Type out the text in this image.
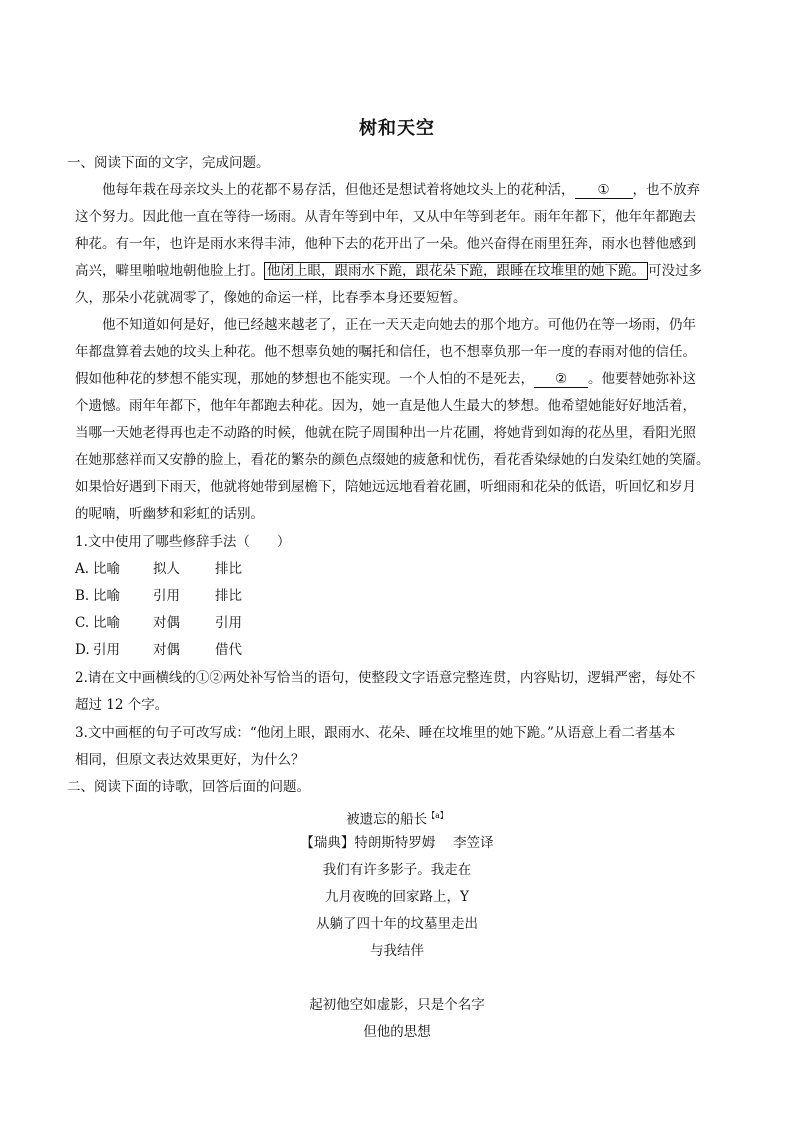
树和天空
一、阅读下面的文字，完成问题。
他每年栽在母亲坟头上的花都不易存活，但他还是想试着将她坟头上的花种活， ① ，也不放弃
这个努力。因此他一直在等待一场雨。从青年等到中年，又从中年等到老年。雨年年都下，他年年都跑去
种花。有一年，也许是雨水来得丰沛，他种下去的花开出了一朵。他兴奋得在雨里狂奔，雨水也替他感到
高兴，噼里啪啦地朝他脸上打。 他闭上眼，跟雨水下跪，跟花朵下跪，跟睡在坟堆里的她下跪。 可没过多
久，那朵小花就凋零了，像她的命运一样，比春季本身还要短暂。
他不知道如何是好，他已经越来越老了，正在一天天走向她去的那个地方。可他仍在等一场雨，仍年
年都盘算着去她的坟头上种花。他不想辜负她的嘱托和信任，也不想辜负那一年一度的春雨对他的信任。
假如他种花的梦想不能实现，那她的梦想也不能实现。一个人怕的不是死去， ② 。他要替她弥补这
个遗憾。雨年年都下，他年年都跑去种花。因为，她一直是他人生最大的梦想。他希望她能好好地活着，
当哪一天她老得再也走不动路的时候，他就在院子周围种出一片花圃，将她背到如海的花丛里，看阳光照
在她那慈祥而又安静的脸上，看花的繁杂的颜色点缀她的疲惫和忧伤，看花香染绿她的白发染红她的笑靥。
如果恰好遇到下雨天，他就将她带到屋檐下，陪她远远地看着花圃，听细雨和花朵的低语，听回忆和岁月
的呢喃，听幽梦和彩虹的话别。
1.文中使用了哪些修辞手法（　　）
A. 比喻 拟人	排比
B. 比喻 引用	排比
C. 比喻 对偶	引用
D. 引用 对偶	借代
2.请在文中画横线的①②两处补写恰当的语句，使整段文字语意完整连贯，内容贴切，逻辑严密，每处不
超过 12 个字。
3.文中画框的句子可改写成：“他闭上眼，跟雨水、花朵、睡在坟堆里的她下跪。”从语意上看二者基本
相同，但原文表达效果更好，为什么？
二、阅读下面的诗歌，回答后面的问题。
被遗忘的船长$^{【a】}$
【瑞典】特朗斯特罗姆　 李笠译
我们有许多影子。我走在
九月夜晚的回家路上，Y
从躺了四十年的坟墓里走出
与我结伴
起初他空如虚影，只是个名字
但他的思想
